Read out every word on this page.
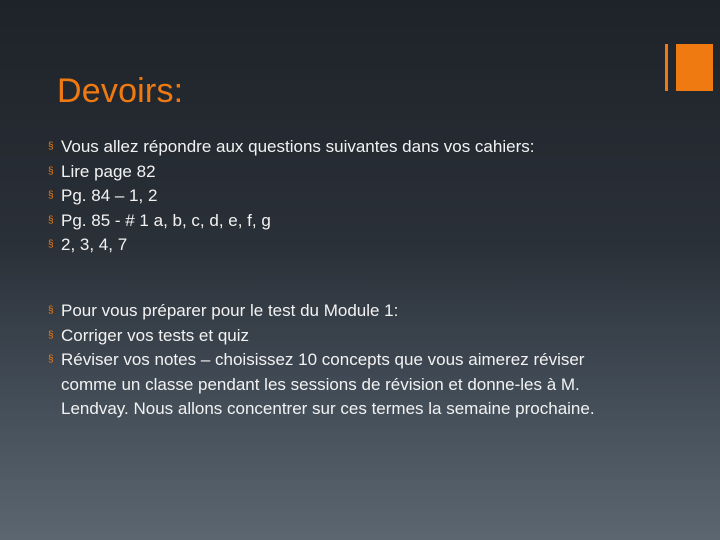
Devoirs:
§ Vous allez répondre aux questions suivantes dans vos cahiers:
§ Lire page 82
§ Pg. 84 – 1, 2
§ Pg. 85 - # 1 a, b, c, d, e, f, g
§ 2, 3, 4, 7
§ Pour vous préparer pour le test du Module 1:
§ Corriger vos tests et quiz
§ Réviser vos notes – choisissez 10 concepts que vous aimerez réviser comme un classe pendant les sessions de révision et donne-les à M. Lendvay. Nous allons concentrer sur ces termes la semaine prochaine.
